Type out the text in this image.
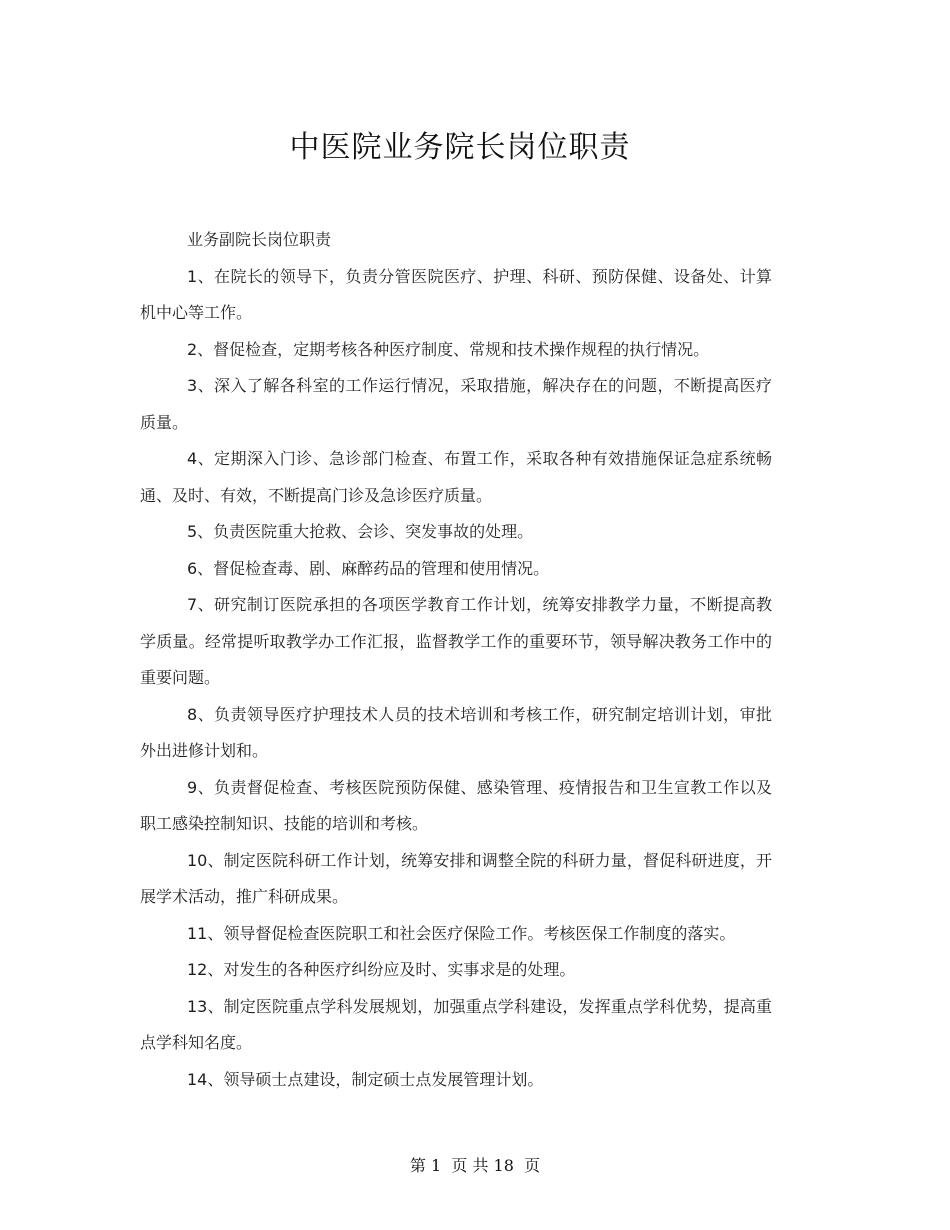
中医院业务院长岗位职责

业务副院长岗位职责

1、在院长的领导下，负责分管医院医疗、护理、科研、预防保健、设备处、计算机中心等工作。

2、督促检查，定期考核各种医疗制度、常规和技术操作规程的执行情况。

3、深入了解各科室的工作运行情况，采取措施，解决存在的问题，不断提高医疗质量。

4、定期深入门诊、急诊部门检查、布置工作，采取各种有效措施保证急症系统畅通、及时、有效，不断提高门诊及急诊医疗质量。

5、负责医院重大抢救、会诊、突发事故的处理。

6、督促检查毒、剧、麻醉药品的管理和使用情况。

7、研究制订医院承担的各项医学教育工作计划，统筹安排教学力量，不断提高教学质量。经常提听取教学办工作汇报，监督教学工作的重要环节，领导解决教务工作中的重要问题。

8、负责领导医疗护理技术人员的技术培训和考核工作，研究制定培训计划，审批外出进修计划和。

9、负责督促检查、考核医院预防保健、感染管理、疫情报告和卫生宣教工作以及职工感染控制知识、技能的培训和考核。

10、制定医院科研工作计划，统筹安排和调整全院的科研力量，督促科研进度，开展学术活动，推广科研成果。

11、领导督促检查医院职工和社会医疗保险工作。考核医保工作制度的落实。

12、对发生的各种医疗纠纷应及时、实事求是的处理。

13、制定医院重点学科发展规划，加强重点学科建设，发挥重点学科优势，提高重点学科知名度。

14、领导硕士点建设，制定硕士点发展管理计划。

第 1  页 共 18  页
